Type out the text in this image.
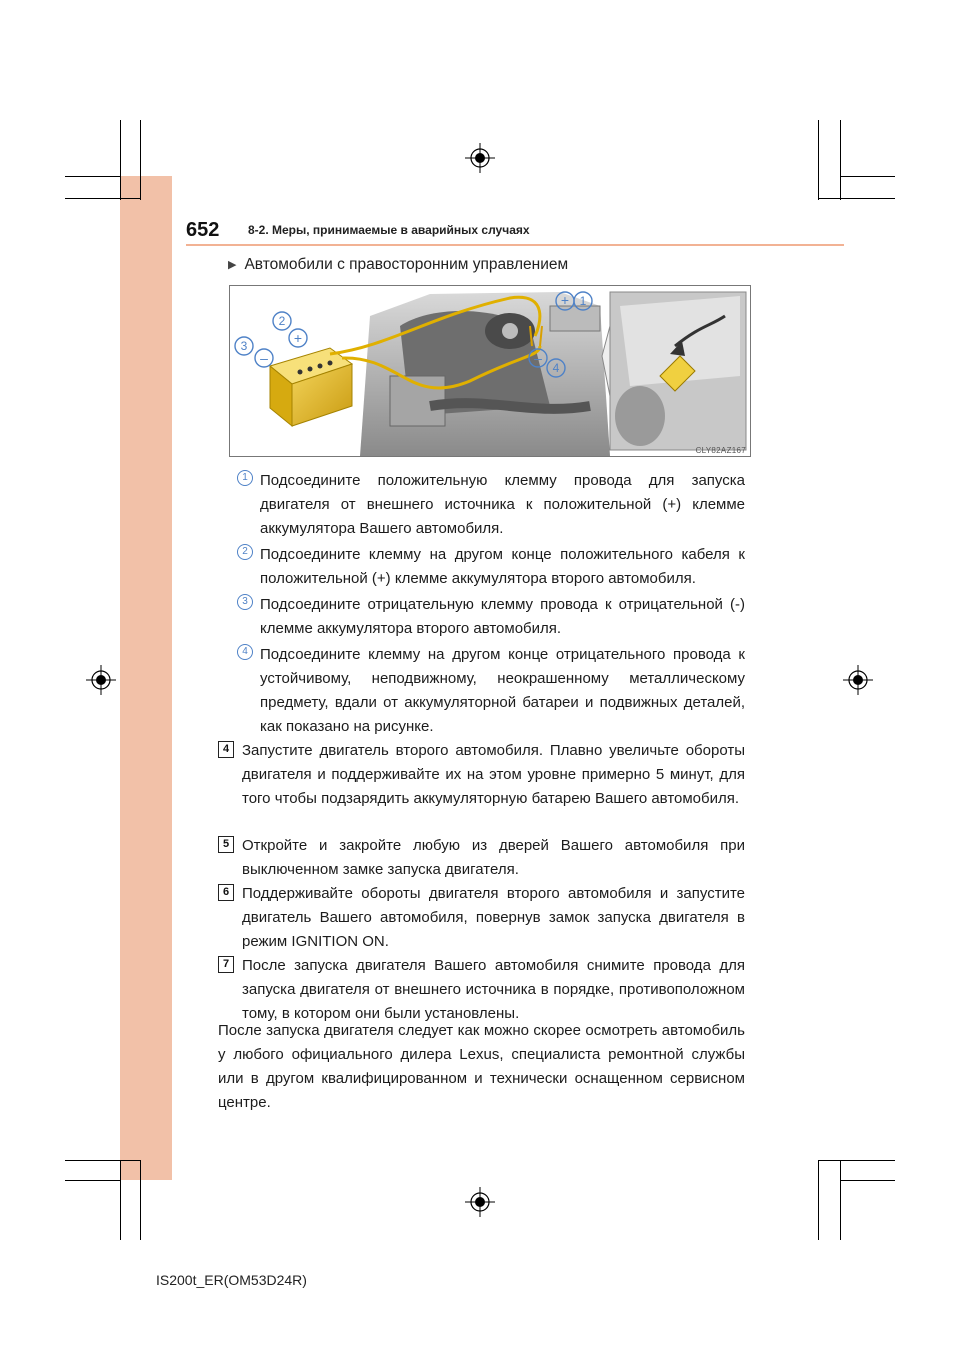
652 8-2. Меры, принимаемые в аварийных случаях
▶ Автомобили с правосторонним управлением
1
2
3
4
+
+
–	–
CLY82AZ167
1 Подсоедините положительную клемму провода для запуска двигателя от внешнего источника к положительной (+) клемме аккумулятора Вашего автомобиля.
2 Подсоедините клемму на другом конце положительного кабеля к положительной (+) клемме аккумулятора второго автомобиля.
3 Подсоедините отрицательную клемму провода к отрицательной (-) клемме аккумулятора второго автомобиля.
4 Подсоедините клемму на другом конце отрицательного провода к устойчивому, неподвижному, неокрашенному металлическому предмету, вдали от аккумуляторной батареи и подвижных деталей, как показано на рисунке.
4 Запустите двигатель второго автомобиля. Плавно увеличьте обороты двигателя и поддерживайте их на этом уровне примерно 5 минут, для того чтобы подзарядить аккумуляторную батарею Вашего автомобиля.
5 Откройте и закройте любую из дверей Вашего автомобиля при выключенном замке запуска двигателя.
6 Поддерживайте обороты двигателя второго автомобиля и запустите двигатель Вашего автомобиля, повернув замок запуска двигателя в режим IGNITION ON.
7 После запуска двигателя Вашего автомобиля снимите провода для запуска двигателя от внешнего источника в порядке, противоположном тому, в котором они были установлены.
После запуска двигателя следует как можно скорее осмотреть автомобиль у любого официального дилера Lexus, специалиста ремонтной службы или в другом квалифицированном и технически оснащенном сервисном центре.
IS200t_ER(OM53D24R)
